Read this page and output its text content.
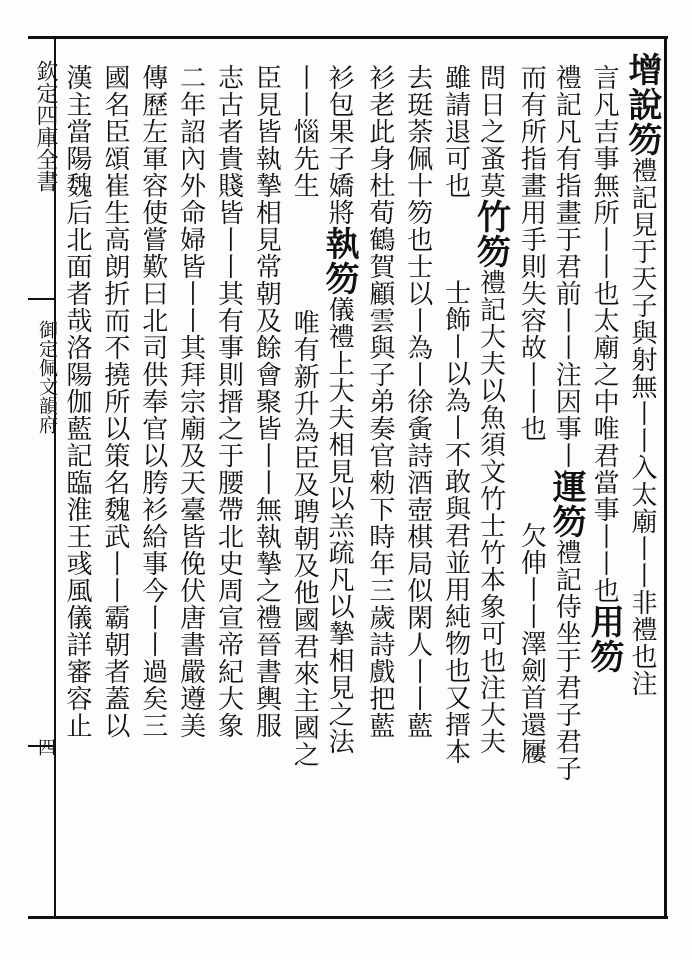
欽定四庫全書
御定佩文韻府
四
增說笏禮記見于天子與射無丨丨入太廟丨丨非禮也注
言凡吉事無所丨丨也太廟之中唯君當事丨丨也用笏
禮記凡有指畫于君前丨丨注因事丨運笏禮記侍坐于君子君子
而有所指畫用手則失容故丨丨也欠伸丨丨澤劍首還屨
問日之蚤莫竹笏禮記大夫以魚須文竹士竹本象可也注大夫
雖請退可也士飾丨以為丨不敢與君並用純物也又搢本
去珽荼佩十笏也士以丨為丨徐夤詩酒壺棋局似閑人丨丨藍
衫老此身杜荀鶴賀顧雲與子弟奏官勑下時年三歲詩戲把藍
衫包果子嬌將執笏儀禮上大夫相見以羔疏凡以摯相見之法
丨丨惱先生唯有新升為臣及聘朝及他國君來主國之
臣見皆執摯相見常朝及餘會聚皆丨丨無執摯之禮晉書輿服
志古者貴賤皆丨丨其有事則搢之于腰帶北史周宣帝紀大象
二年詔內外命婦皆丨丨其拜宗廟及天臺皆俛伏唐書嚴遵美
傳歷左軍容使嘗歎曰北司供奉官以胯衫給事今丨丨過矣三
國名臣頌崔生高朗折而不撓所以策名魏武丨丨霸朝者蓋以
漢主當陽魏后北面者哉洛陽伽藍記臨淮王彧風儀詳審容止
